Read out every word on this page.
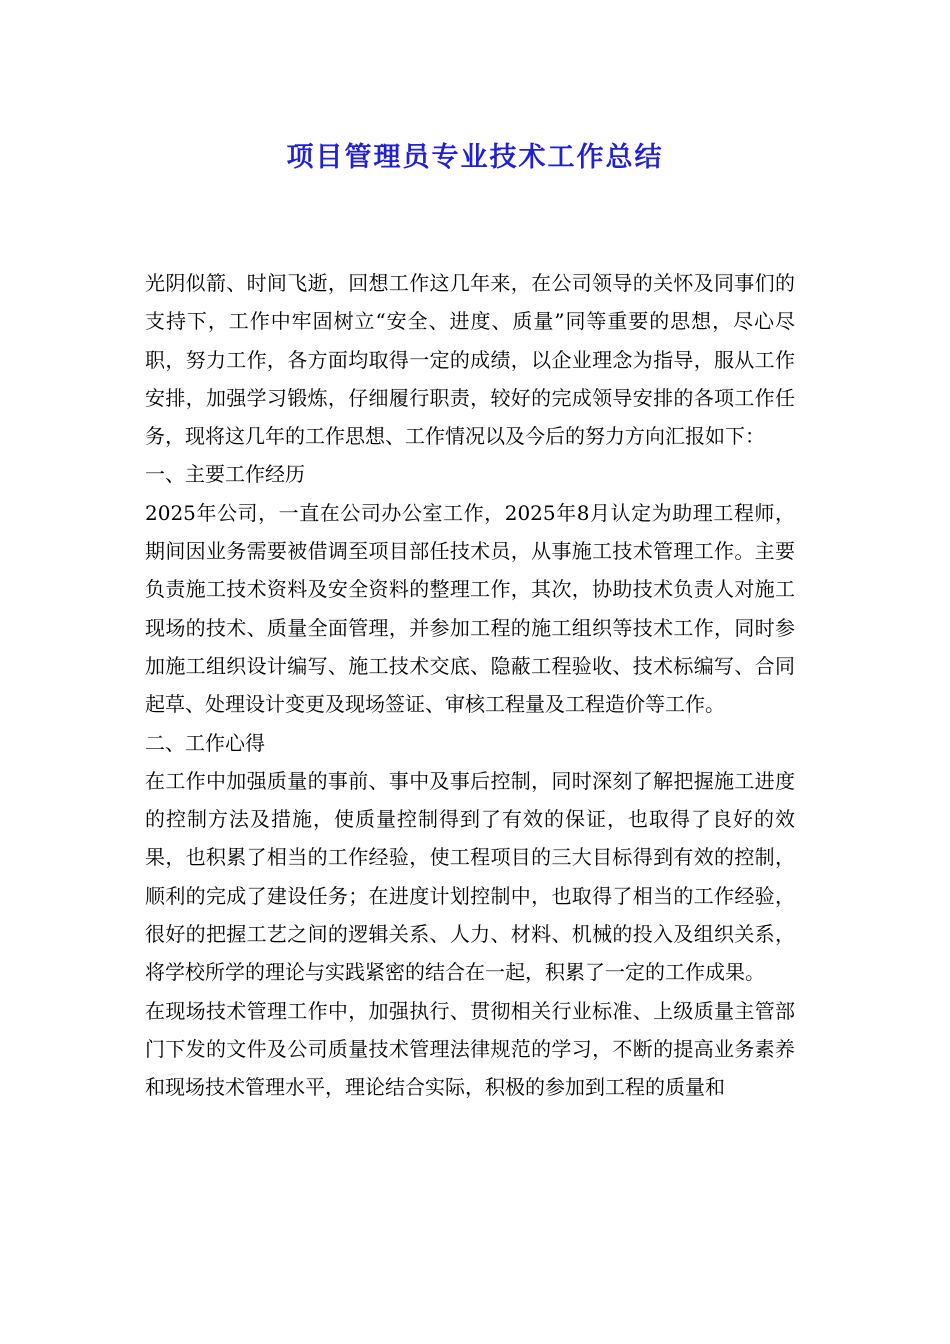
项目管理员专业技术工作总结

光阴似箭、时间飞逝，回想工作这几年来，在公司领导的关怀及同事们的支持下，工作中牢固树立“安全、进度、质量”同等重要的思想，尽心尽职，努力工作，各方面均取得一定的成绩，以企业理念为指导，服从工作安排，加强学习锻炼，仔细履行职责，较好的完成领导安排的各项工作任务，现将这几年的工作思想、工作情况以及今后的努力方向汇报如下：

一、主要工作经历

2025年公司，一直在公司办公室工作，2025年8月认定为助理工程师，期间因业务需要被借调至项目部任技术员，从事施工技术管理工作。主要负责施工技术资料及安全资料的整理工作，其次，协助技术负责人对施工现场的技术、质量全面管理，并参加工程的施工组织等技术工作，同时参加施工组织设计编写、施工技术交底、隐蔽工程验收、技术标编写、合同起草、处理设计变更及现场签证、审核工程量及工程造价等工作。

二、工作心得

在工作中加强质量的事前、事中及事后控制，同时深刻了解把握施工进度的控制方法及措施，使质量控制得到了有效的保证，也取得了良好的效果，也积累了相当的工作经验，使工程项目的三大目标得到有效的控制，顺利的完成了建设任务；在进度计划控制中，也取得了相当的工作经验，很好的把握工艺之间的逻辑关系、人力、材料、机械的投入及组织关系，将学校所学的理论与实践紧密的结合在一起，积累了一定的工作成果。

在现场技术管理工作中，加强执行、贯彻相关行业标准、上级质量主管部门下发的文件及公司质量技术管理法律规范的学习，不断的提高业务素养和现场技术管理水平，理论结合实际，积极的参加到工程的质量和
